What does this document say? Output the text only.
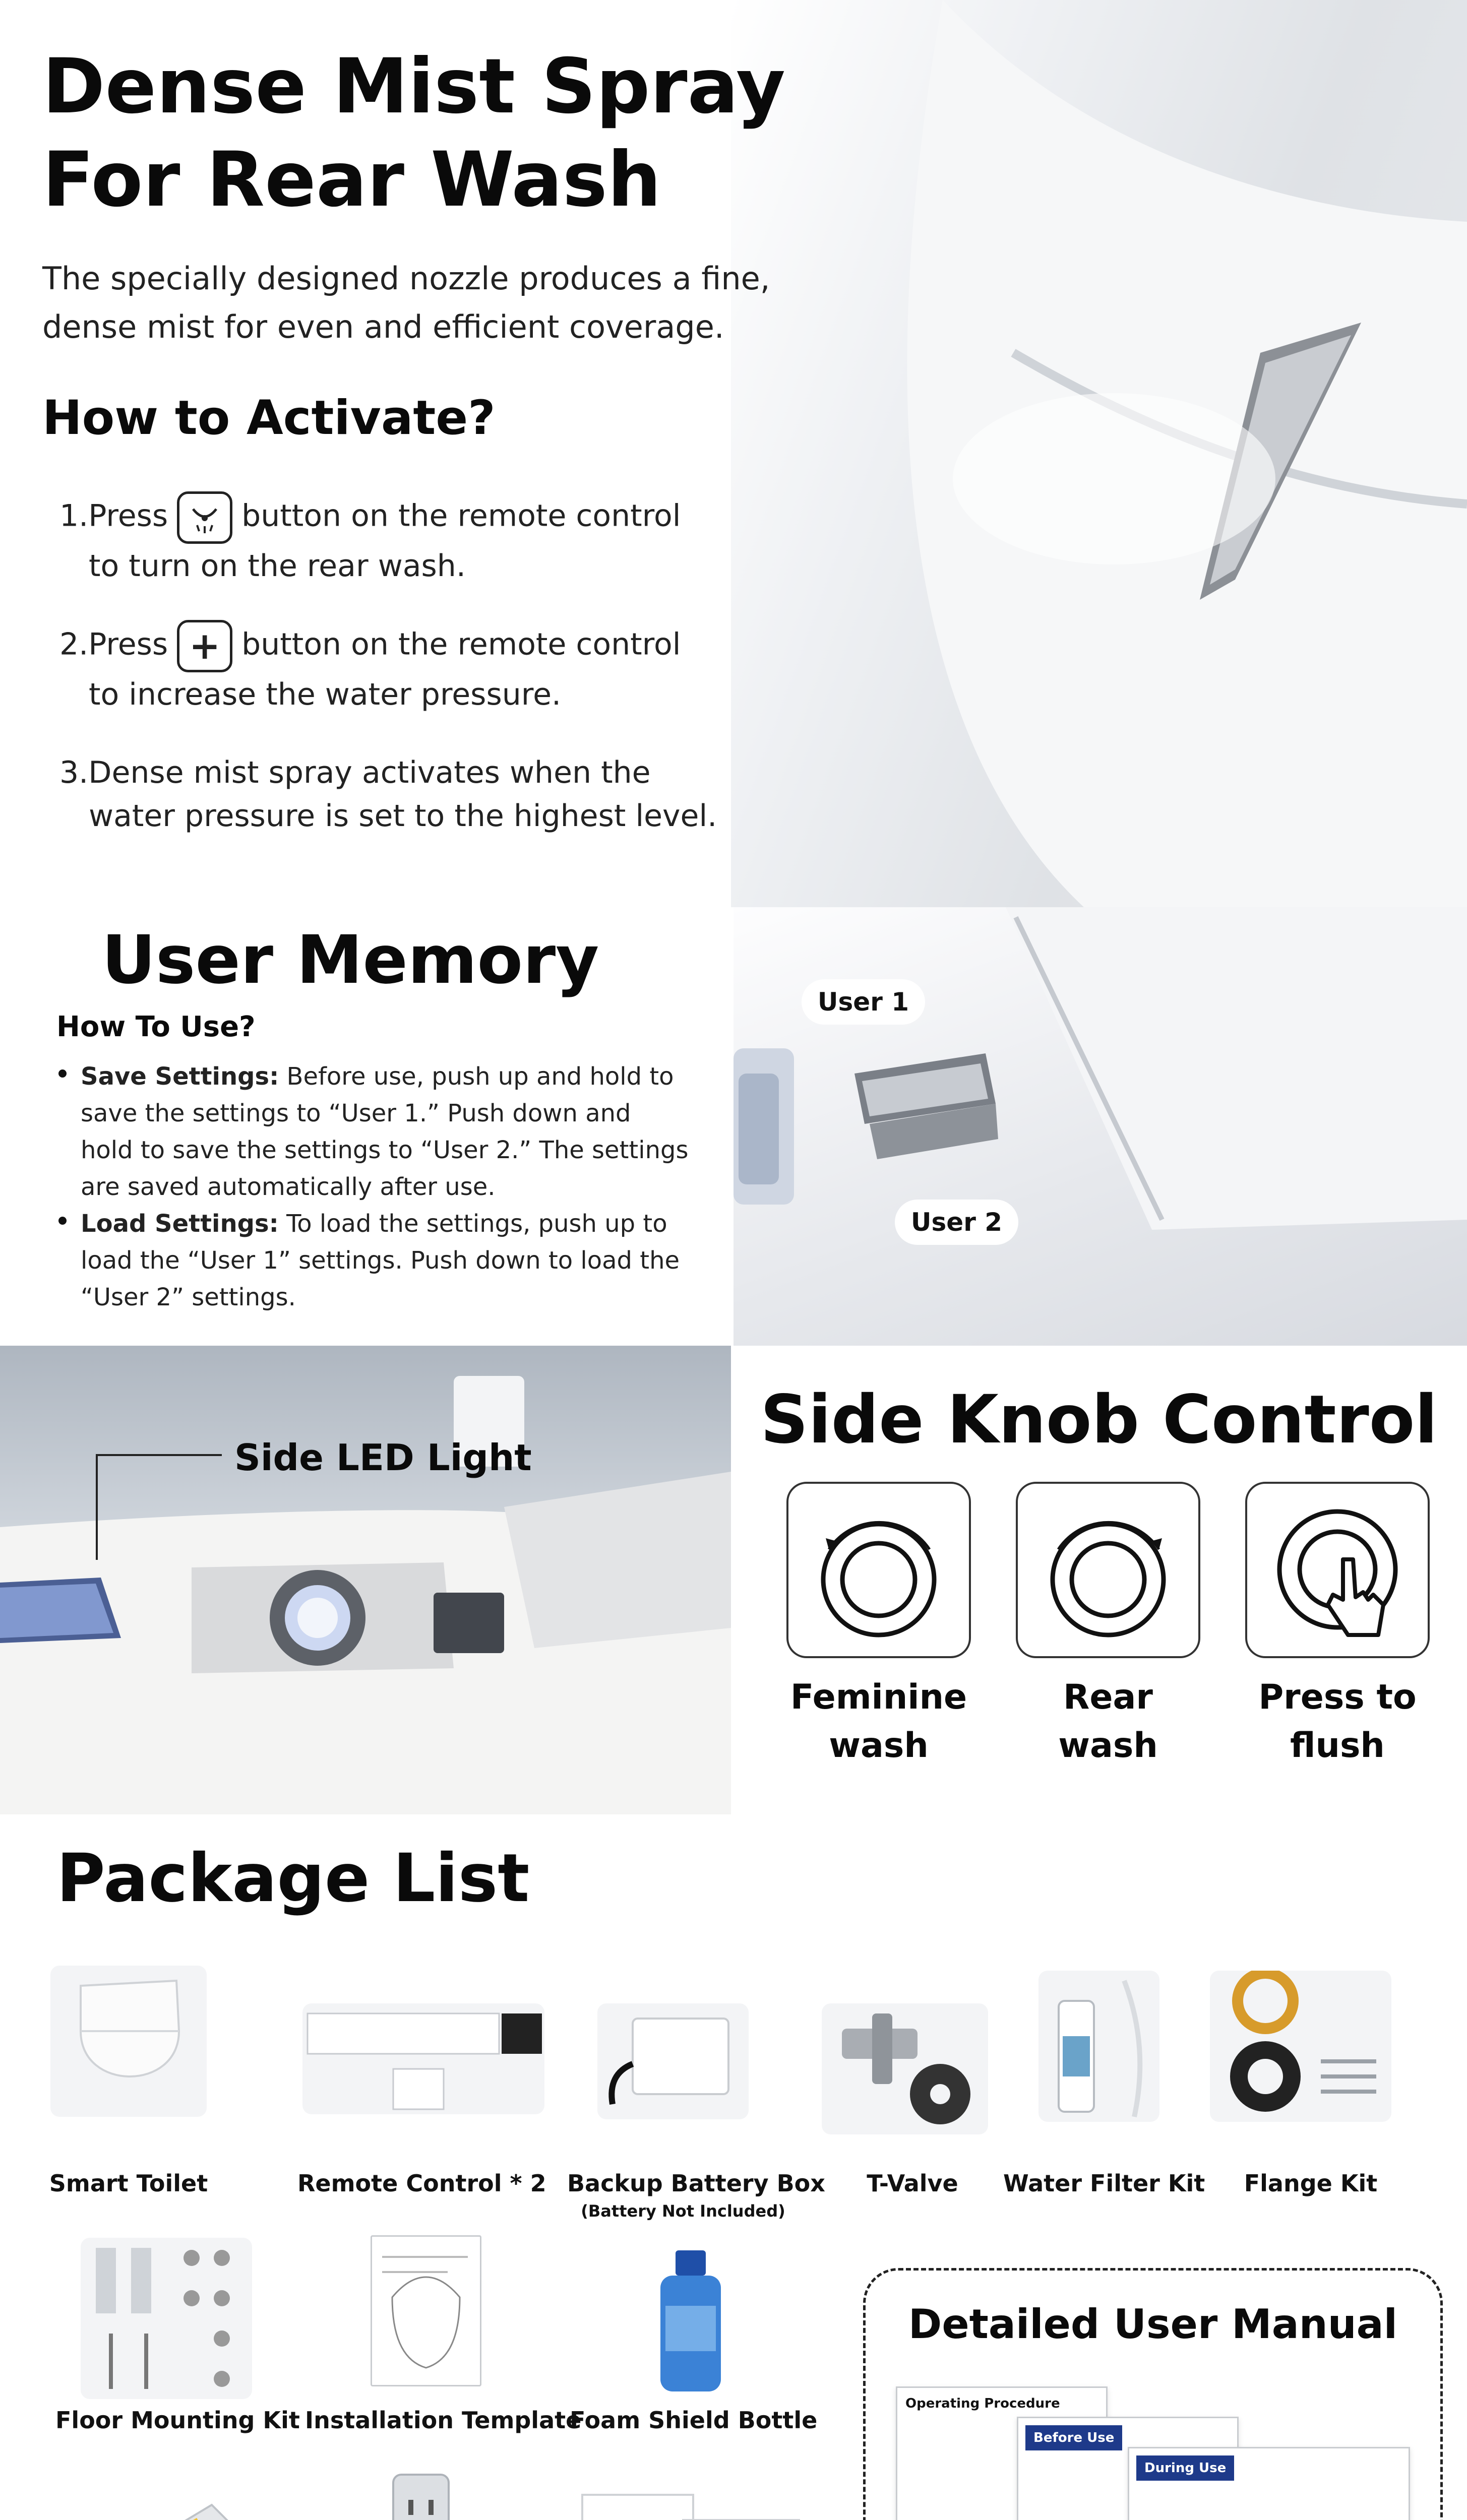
Dense Mist Spray
For Rear Wash
The specially designed nozzle produces a fine,
dense mist for even and efficient coverage.
How to Activate?
1.Press button on the remote control
to turn on the rear wash.
2.Press + button on the remote control
to increase the water pressure.
3.Dense mist spray activates when the
water pressure is set to the highest level.
User Memory
How To Use?
Save Settings: Before use, push up and hold to
save the settings to “User 1.” Push down and
hold to save the settings to “User 2.” The settings
are saved automatically after use.
Load Settings: To load the settings, push up to
load the “User 1” settings. Push down to load the
“User 2” settings.
User 1
User 2
Side LED Light	Side Knob Control
Feminine
wash
Rear
wash
Press to
flush
Package List
Smart Toilet	Remote Control * 2 Backup Battery Box
(Battery Not Included)
T-Valve	Water Filter Kit	Flange Kit
Floor Mounting Kit Installation Template
Foam Shield Bottle
Detailed User Manual
Operating Procedure
Before Use
During Use
